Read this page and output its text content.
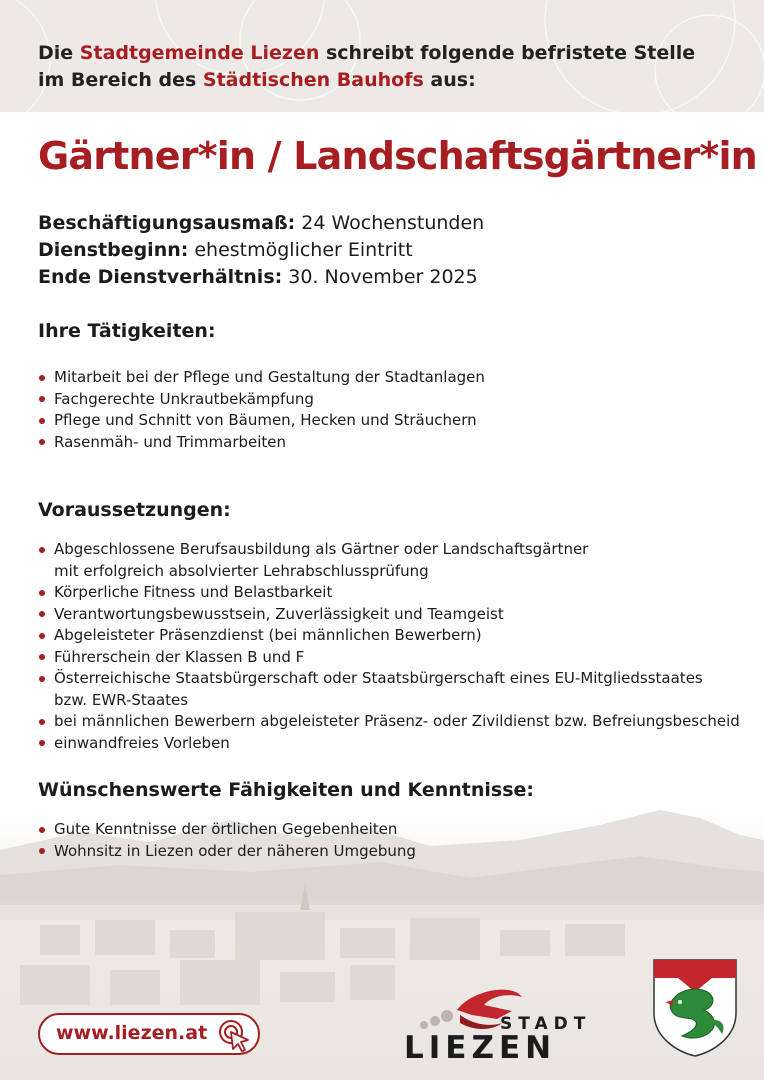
Die Stadtgemeinde Liezen schreibt folgende befristete Stelle
im Bereich des Städtischen Bauhofs aus:
Gärtner*in / Landschaftsgärtner*in
Beschäftigungsausmaß: 24 Wochenstunden
Dienstbeginn: ehestmöglicher Eintritt
Ende Dienstverhältnis: 30. November 2025
Ihre Tätigkeiten:
Mitarbeit bei der Pflege und Gestaltung der Stadtanlagen
Fachgerechte Unkrautbekämpfung
Pflege und Schnitt von Bäumen, Hecken und Sträuchern
Rasenmäh- und Trimmarbeiten
Voraussetzungen:
Abgeschlossene Berufsausbildung als Gärtner oder Landschaftsgärtner
mit erfolgreich absolvierter Lehrabschlussprüfung
Körperliche Fitness und Belastbarkeit
Verantwortungsbewusstsein, Zuverlässigkeit und Teamgeist
Abgeleisteter Präsenzdienst (bei männlichen Bewerbern)
Führerschein der Klassen B und F
Österreichische Staatsbürgerschaft oder Staatsbürgerschaft eines EU-Mitgliedsstaates
bzw. EWR-Staates
bei männlichen Bewerbern abgeleisteter Präsenz- oder Zivildienst bzw. Befreiungsbescheid
einwandfreies Vorleben
Wünschenswerte Fähigkeiten und Kenntnisse:
Gute Kenntnisse der örtlichen Gegebenheiten
Wohnsitz in Liezen oder der näheren Umgebung
www.liezen.at	STADT
LIEZEN
